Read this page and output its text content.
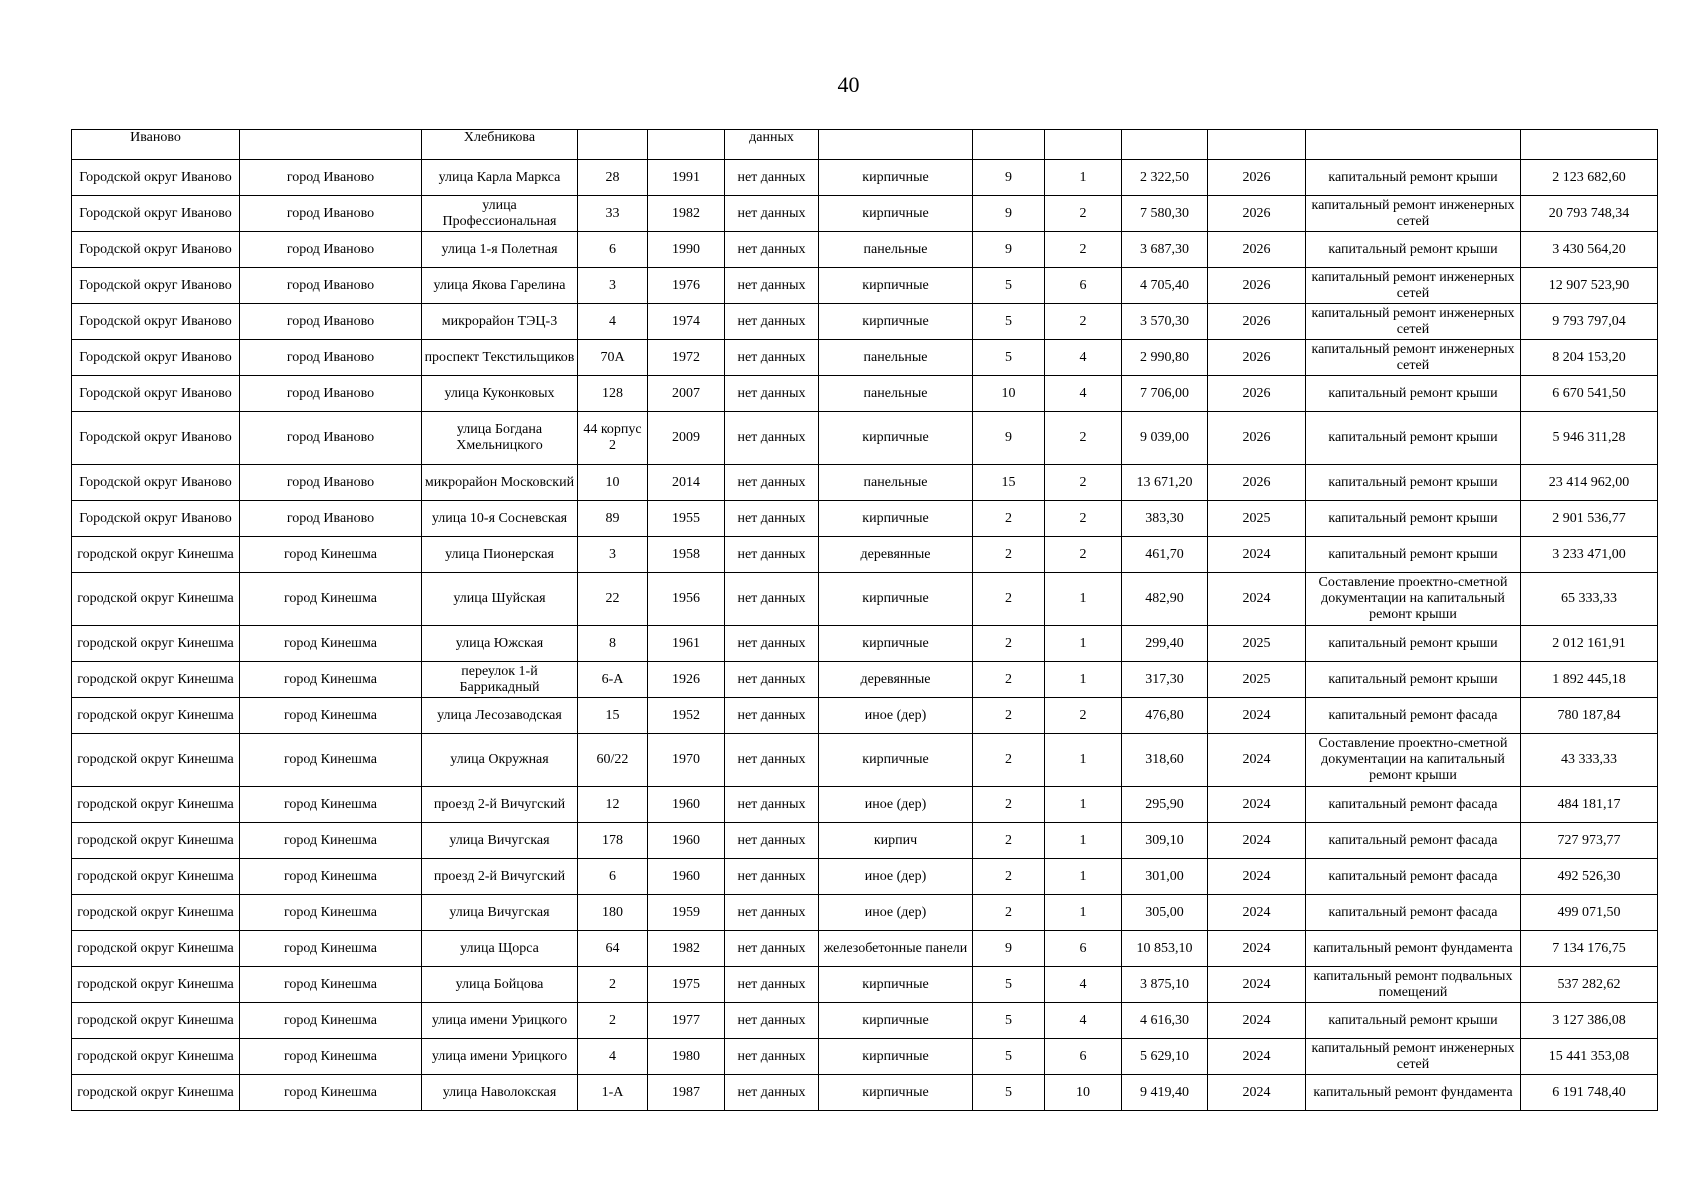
40
Иваново		Хлебникова			данных							
Городской округ Иваново	город Иваново	улица Карла Маркса	28	1991	нет данных	кирпичные	9	1	2 322,50	2026	капитальный ремонт крыши	2 123 682,60
Городской округ Иваново	город Иваново	улица Профессиональная	33	1982	нет данных	кирпичные	9	2	7 580,30	2026	капитальный ремонт инженерных сетей	20 793 748,34
Городской округ Иваново	город Иваново	улица 1-я Полетная	6	1990	нет данных	панельные	9	2	3 687,30	2026	капитальный ремонт крыши	3 430 564,20
Городской округ Иваново	город Иваново	улица Якова Гарелина	3	1976	нет данных	кирпичные	5	6	4 705,40	2026	капитальный ремонт инженерных сетей	12 907 523,90
Городской округ Иваново	город Иваново	микрорайон ТЭЦ-3	4	1974	нет данных	кирпичные	5	2	3 570,30	2026	капитальный ремонт инженерных сетей	9 793 797,04
Городской округ Иваново	город Иваново	проспект Текстильщиков	70А	1972	нет данных	панельные	5	4	2 990,80	2026	капитальный ремонт инженерных сетей	8 204 153,20
Городской округ Иваново	город Иваново	улица Куконковых	128	2007	нет данных	панельные	10	4	7 706,00	2026	капитальный ремонт крыши	6 670 541,50
Городской округ Иваново	город Иваново	улица Богдана Хмельницкого	44 корпус 2	2009	нет данных	кирпичные	9	2	9 039,00	2026	капитальный ремонт крыши	5 946 311,28
Городской округ Иваново	город Иваново	микрорайон Московский	10	2014	нет данных	панельные	15	2	13 671,20	2026	капитальный ремонт крыши	23 414 962,00
Городской округ Иваново	город Иваново	улица 10-я Сосневская	89	1955	нет данных	кирпичные	2	2	383,30	2025	капитальный ремонт крыши	2 901 536,77
городской округ Кинешма	город Кинешма	улица Пионерская	3	1958	нет данных	деревянные	2	2	461,70	2024	капитальный ремонт крыши	3 233 471,00
городской округ Кинешма	город Кинешма	улица Шуйская	22	1956	нет данных	кирпичные	2	1	482,90	2024	Составление проектно-сметной документации на капитальный ремонт крыши	65 333,33
городской округ Кинешма	город Кинешма	улица Южская	8	1961	нет данных	кирпичные	2	1	299,40	2025	капитальный ремонт крыши	2 012 161,91
городской округ Кинешма	город Кинешма	переулок 1-й Баррикадный	6-А	1926	нет данных	деревянные	2	1	317,30	2025	капитальный ремонт крыши	1 892 445,18
городской округ Кинешма	город Кинешма	улица Лесозаводская	15	1952	нет данных	иное (дер)	2	2	476,80	2024	капитальный ремонт фасада	780 187,84
городской округ Кинешма	город Кинешма	улица Окружная	60/22	1970	нет данных	кирпичные	2	1	318,60	2024	Составление проектно-сметной документации на капитальный ремонт крыши	43 333,33
городской округ Кинешма	город Кинешма	проезд 2-й Вичугский	12	1960	нет данных	иное (дер)	2	1	295,90	2024	капитальный ремонт фасада	484 181,17
городской округ Кинешма	город Кинешма	улица Вичугская	178	1960	нет данных	кирпич	2	1	309,10	2024	капитальный ремонт фасада	727 973,77
городской округ Кинешма	город Кинешма	проезд 2-й Вичугский	6	1960	нет данных	иное (дер)	2	1	301,00	2024	капитальный ремонт фасада	492 526,30
городской округ Кинешма	город Кинешма	улица Вичугская	180	1959	нет данных	иное (дер)	2	1	305,00	2024	капитальный ремонт фасада	499 071,50
городской округ Кинешма	город Кинешма	улица Щорса	64	1982	нет данных	железобетонные панели	9	6	10 853,10	2024	капитальный ремонт фундамента	7 134 176,75
городской округ Кинешма	город Кинешма	улица Бойцова	2	1975	нет данных	кирпичные	5	4	3 875,10	2024	капитальный ремонт подвальных помещений	537 282,62
городской округ Кинешма	город Кинешма	улица имени Урицкого	2	1977	нет данных	кирпичные	5	4	4 616,30	2024	капитальный ремонт крыши	3 127 386,08
городской округ Кинешма	город Кинешма	улица имени Урицкого	4	1980	нет данных	кирпичные	5	6	5 629,10	2024	капитальный ремонт инженерных сетей	15 441 353,08
городской округ Кинешма	город Кинешма	улица Наволокская	1-А	1987	нет данных	кирпичные	5	10	9 419,40	2024	капитальный ремонт фундамента	6 191 748,40
